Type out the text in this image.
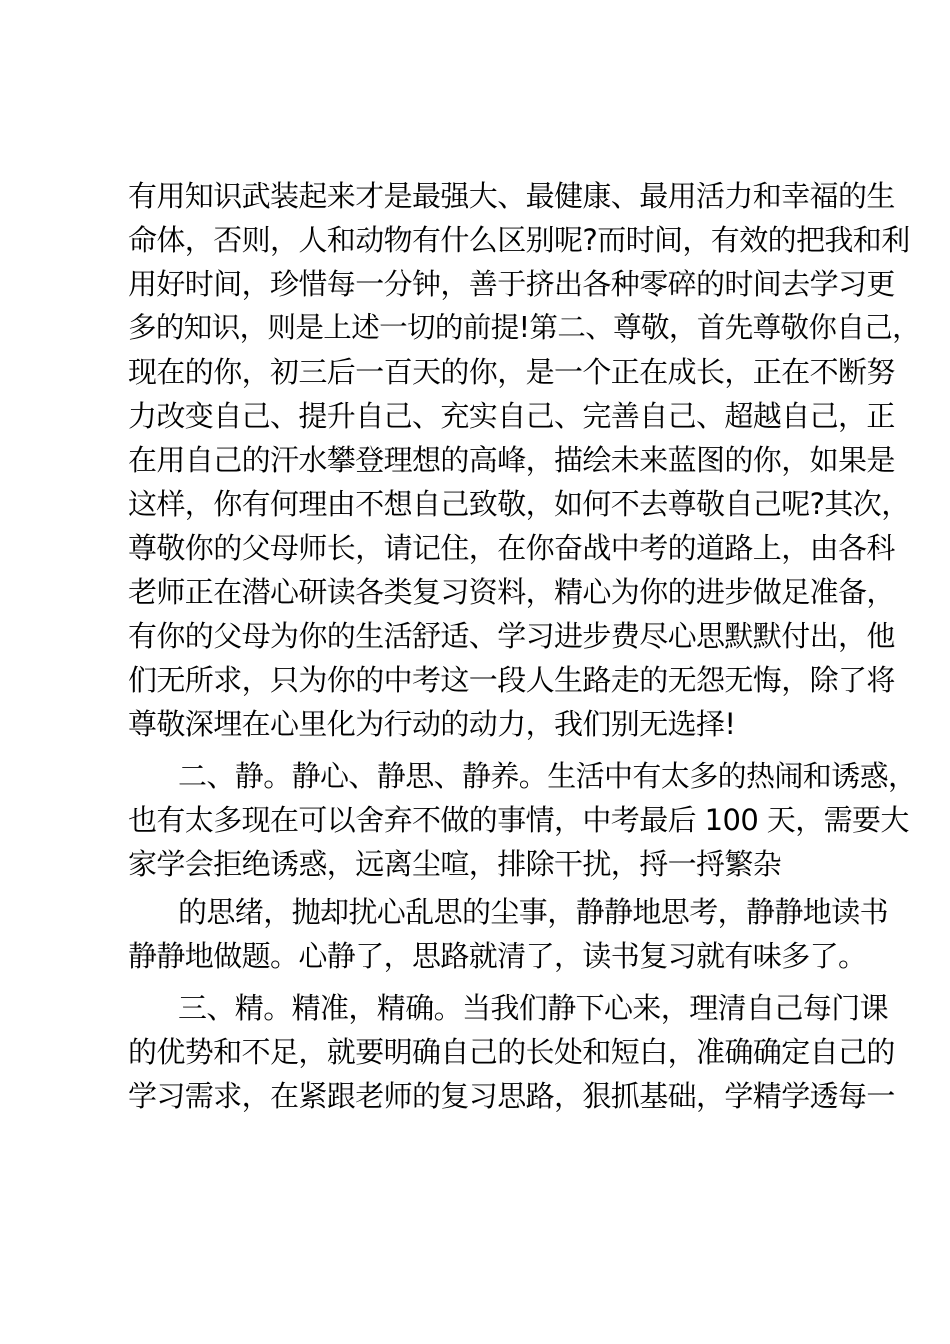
有用知识武装起来才是最强大、最健康、最用活力和幸福的生
命体，否则，人和动物有什么区别呢?而时间，有效的把我和利
用好时间，珍惜每一分钟，善于挤出各种零碎的时间去学习更
多的知识，则是上述一切的前提!第二、尊敬，首先尊敬你自己，
现在的你，初三后一百天的你，是一个正在成长，正在不断努
力改变自己、提升自己、充实自己、完善自己、超越自己，正
在用自己的汗水攀登理想的高峰，描绘未来蓝图的你，如果是
这样，你有何理由不想自己致敬，如何不去尊敬自己呢?其次，
尊敬你的父母师长，请记住，在你奋战中考的道路上，由各科
老师正在潜心研读各类复习资料，精心为你的进步做足准备，
有你的父母为你的生活舒适、学习进步费尽心思默默付出，他
们无所求，只为你的中考这一段人生路走的无怨无悔，除了将
尊敬深埋在心里化为行动的动力，我们别无选择!
二、静。静心、静思、静养。生活中有太多的热闹和诱惑，
也有太多现在可以舍弃不做的事情，中考最后 100 天，需要大
家学会拒绝诱惑，远离尘喧，排除干扰，捋一捋繁杂
的思绪，抛却扰心乱思的尘事，静静地思考，静静地读书
静静地做题。心静了，思路就清了，读书复习就有味多了。
三、精。精准，精确。当我们静下心来，理清自己每门课
的优势和不足，就要明确自己的长处和短白，准确确定自己的
学习需求，在紧跟老师的复习思路，狠抓基础，学精学透每一
